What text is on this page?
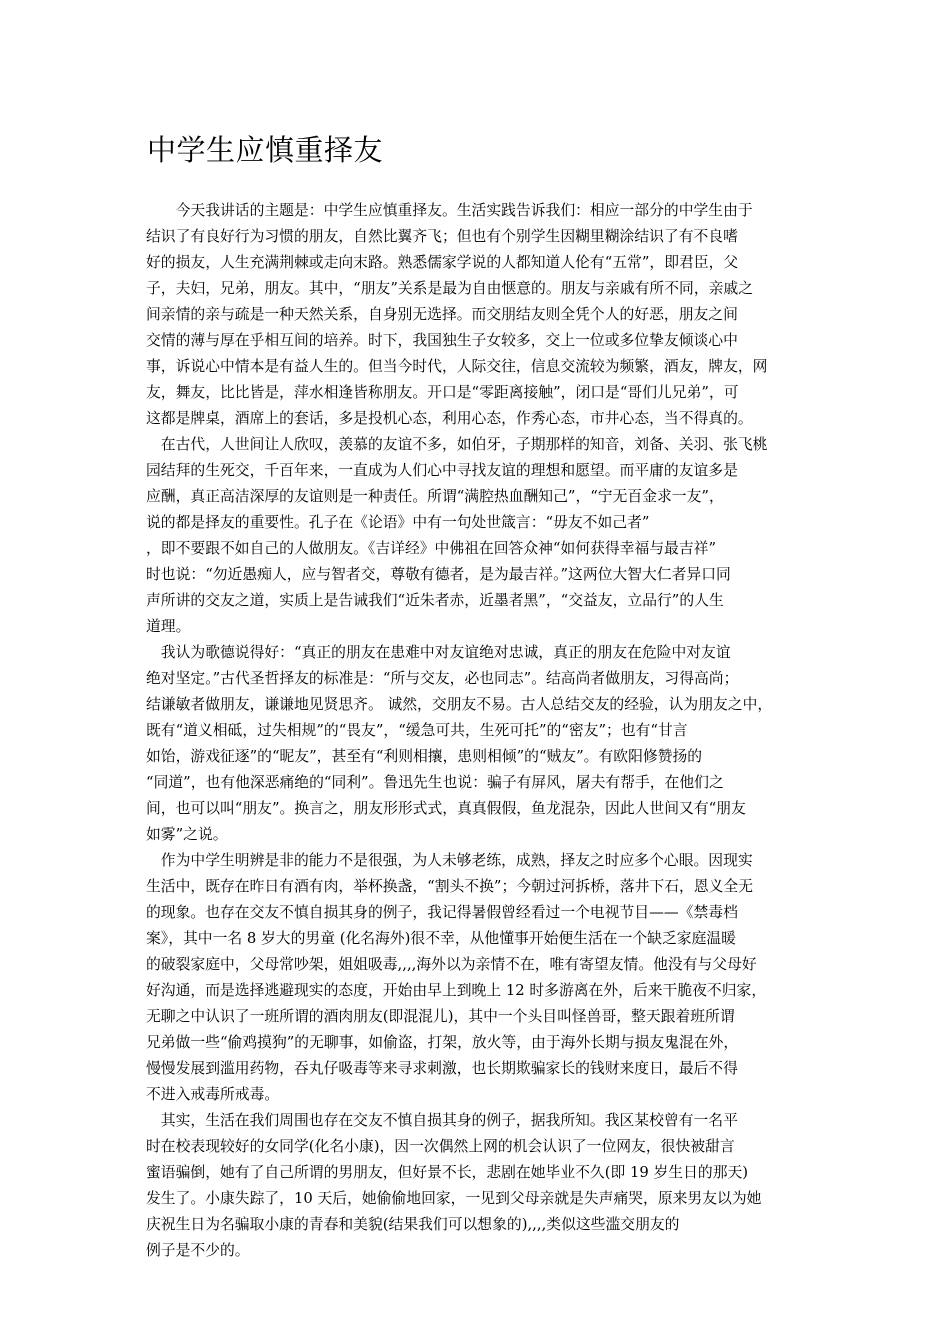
中学生应慎重择友
　　今天我讲话的主题是：中学生应慎重择友。生活实践告诉我们：相应一部分的中学生由于
结识了有良好行为习惯的朋友，自然比翼齐飞；但也有个别学生因糊里糊涂结识了有不良嗜
好的损友，人生充满荆棘或走向末路。熟悉儒家学说的人都知道人伦有“五常”，即君臣，父
子，夫妇，兄弟，朋友。其中，“朋友”关系是最为自由惬意的。朋友与亲戚有所不同，亲戚之
间亲情的亲与疏是一种天然关系，自身别无选择。而交朋结友则全凭个人的好恶，朋友之间
交情的薄与厚在乎相互间的培养。时下，我国独生子女较多，交上一位或多位挚友倾谈心中
事，诉说心中情本是有益人生的。但当今时代，人际交往，信息交流较为频繁，酒友，牌友，网
友，舞友，比比皆是，萍水相逢皆称朋友。开口是“零距离接触”，闭口是“哥们儿兄弟”，可
这都是牌桌，酒席上的套话，多是投机心态，利用心态，作秀心态，市井心态，当不得真的。
　在古代，人世间让人欣叹，羡慕的友谊不多，如伯牙，子期那样的知音，刘备、关羽、张飞桃
园结拜的生死交，千百年来，一直成为人们心中寻找友谊的理想和愿望。而平庸的友谊多是
应酬，真正高洁深厚的友谊则是一种责任。所谓“满腔热血酬知己”，“宁无百金求一友”，
说的都是择友的重要性。孔子在《论语》中有一句处世箴言：“毋友不如己者”
，即不要跟不如自己的人做朋友。《吉详经》中佛祖在回答众神“如何获得幸福与最吉祥”
时也说：“勿近愚痴人，应与智者交，尊敬有德者，是为最吉祥。”这两位大智大仁者异口同
声所讲的交友之道，实质上是告诫我们“近朱者赤，近墨者黑”，“交益友，立品行”的人生
道理。
　我认为歌德说得好：“真正的朋友在患难中对友谊绝对忠诚，真正的朋友在危险中对友谊
绝对坚定。”古代圣哲择友的标准是：“所与交友，必也同志”。结高尚者做朋友，习得高尚；
结谦敏者做朋友，谦谦地见贤思齐。 诚然，交朋友不易。古人总结交友的经验，认为朋友之中，
既有“道义相砥，过失相规”的“畏友”，“缓急可共，生死可托”的“密友”；也有“甘言
如饴，游戏征逐”的“昵友”，甚至有“利则相攘，患则相倾”的“贼友”。有欧阳修赞扬的
“同道”，也有他深恶痛绝的“同利”。鲁迅先生也说：骗子有屏风，屠夫有帮手，在他们之
间，也可以叫“朋友”。换言之，朋友形形式式，真真假假，鱼龙混杂，因此人世间又有“朋友
如雾”之说。
　作为中学生明辨是非的能力不是很强，为人未够老练，成熟，择友之时应多个心眼。因现实
生活中，既存在昨日有酒有肉，举杯换盏，“割头不换”；今朝过河拆桥，落井下石，恩义全无
的现象。也存在交友不慎自损其身的例子，我记得暑假曾经看过一个电视节目——《禁毒档
案》，其中一名 8 岁大的男童 (化名海外)很不幸，从他懂事开始便生活在一个缺乏家庭温暖
的破裂家庭中，父母常吵架，姐姐吸毒,,,,海外以为亲情不在，唯有寄望友情。他没有与父母好
好沟通，而是选择逃避现实的态度，开始由早上到晚上 12 时多游离在外，后来干脆夜不归家，
无聊之中认识了一班所谓的酒肉朋友(即混混儿)，其中一个头目叫怪兽哥，整天跟着班所谓
兄弟做一些“偷鸡摸狗”的无聊事，如偷盗，打架，放火等，由于海外长期与损友鬼混在外，
慢慢发展到滥用药物，吞丸仔吸毒等来寻求刺激，也长期欺骗家长的钱财来度日，最后不得
不进入戒毒所戒毒。
　其实，生活在我们周围也存在交友不慎自损其身的例子，据我所知。我区某校曾有一名平
时在校表现较好的女同学(化名小康)，因一次偶然上网的机会认识了一位网友，很快被甜言
蜜语骗倒，她有了自己所谓的男朋友，但好景不长，悲剧在她毕业不久(即 19 岁生日的那天)
发生了。小康失踪了，10 天后，她偷偷地回家，一见到父母亲就是失声痛哭，原来男友以为她
庆祝生日为名骗取小康的青春和美貌(结果我们可以想象的),,,,类似这些滥交朋友的
例子是不少的。
